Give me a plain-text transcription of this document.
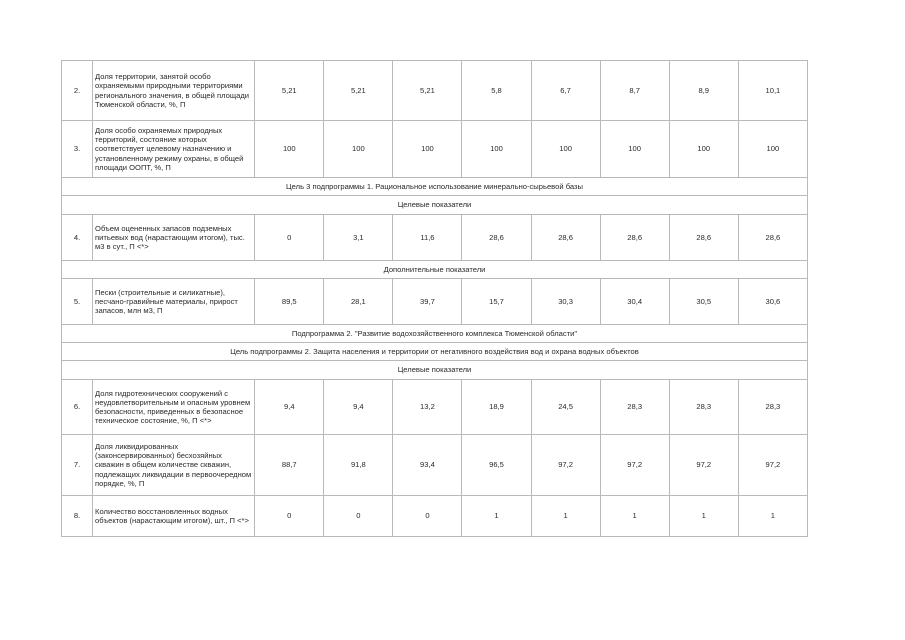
2.	Доля территории, занятой особо охраняемыми природными территориями регионального значения, в общей площади Тюменской области, %, П	5,21	5,21	5,21	5,8	6,7	8,7	8,9	10,1
3.	Доля особо охраняемых природных территорий, состояние которых соответствует целевому назначению и установленному режиму охраны, в общей площади ООПТ, %, П	100	100	100	100	100	100	100	100
Цель 3 подпрограммы 1. Рациональное использование минерально-сырьевой базы									
Целевые показатели									
4.	Объем оцененных запасов подземных питьевых вод (нарастающим итогом), тыс. м3 в сут., П <*>	0	3,1	11,6	28,6	28,6	28,6	28,6	28,6
Дополнительные показатели									
5.	Пески (строительные и силикатные), песчано-гравийные материалы, прирост запасов, млн м3, П	89,5	28,1	39,7	15,7	30,3	30,4	30,5	30,6
Подпрограмма 2. "Развитие водохозяйственного комплекса Тюменской области"									
Цель подпрограммы 2. Защита населения и территории от негативного воздействия вод и охрана водных объектов									
Целевые показатели									
6.	Доля гидротехнических сооружений с неудовлетворительным и опасным уровнем безопасности, приведенных в безопасное техническое состояние, %, П <*>	9,4	9,4	13,2	18,9	24,5	28,3	28,3	28,3
7.	Доля ликвидированных (законсервированных) бесхозяйных скважин в общем количестве скважин, подлежащих ликвидации в первоочередном порядке, %, П	88,7	91,8	93,4	96,5	97,2	97,2	97,2	97,2
8.	Количество восстановленных водных объектов (нарастающим итогом), шт., П <*>	0	0	0	1	1	1	1	1
